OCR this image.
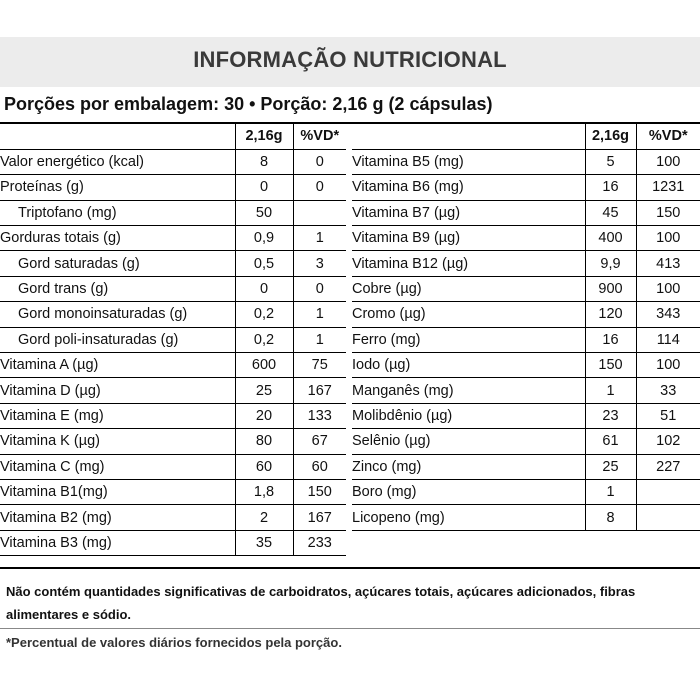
INFORMAÇÃO NUTRICIONAL
Porções por embalagem: 30 • Porção: 2,16 g (2 cápsulas)
	2,16g	%VD*
Valor energético (kcal)	8	0
Proteínas (g)	0	0
Triptofano (mg)	50	
Gorduras totais (g)	0,9	1
Gord saturadas (g)	0,5	3
Gord trans (g)	0	0
Gord monoinsaturadas (g)	0,2	1
Gord poli-insaturadas (g)	0,2	1
Vitamina A (µg)	600	75
Vitamina D (µg)	25	167
Vitamina E (mg)	20	133
Vitamina K (µg)	80	67
Vitamina C (mg)	60	60
Vitamina B1(mg)	1,8	150
Vitamina B2 (mg)	2	167
Vitamina B3 (mg)	35	233
	2,16g	%VD*
Vitamina B5 (mg)	5	100
Vitamina B6 (mg)	16	1231
Vitamina B7 (µg)	45	150
Vitamina B9 (µg)	400	100
Vitamina B12 (µg)	9,9	413
Cobre (µg)	900	100
Cromo (µg)	120	343
Ferro (mg)	16	114
Iodo (µg)	150	100
Manganês (mg)	1	33
Molibdênio (µg)	23	51
Selênio (µg)	61	102
Zinco (mg)	25	227
Boro (mg)	1	
Licopeno (mg)	8	
Não contém quantidades significativas de carboidratos, açúcares totais, açúcares adicionados, fibras alimentares e sódio.
*Percentual de valores diários fornecidos pela porção.
